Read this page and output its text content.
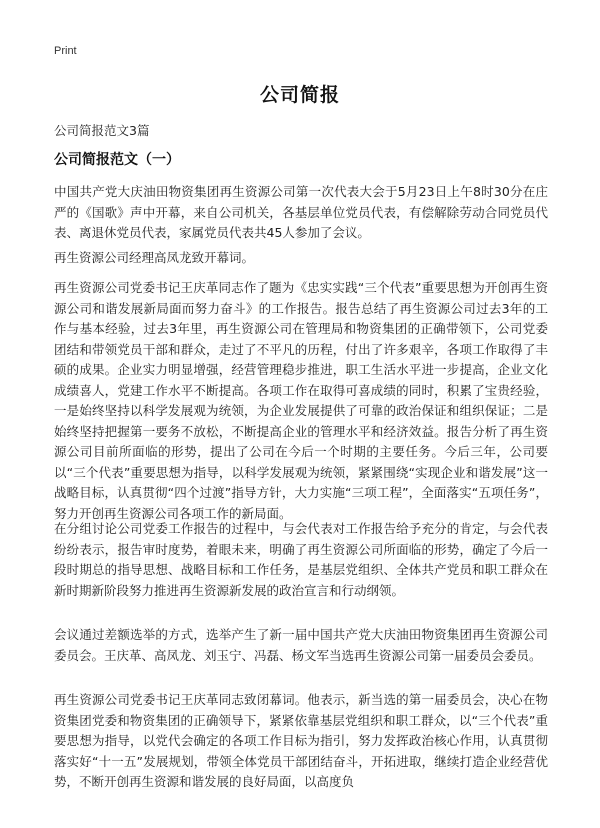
Print
公司简报
公司简报范文3篇
公司简报范文（一）

中国共产党大庆油田物资集团再生资源公司第一次代表大会于5月23日上午8时30分在庄严的《国歌》声中开幕，来自公司机关，各基层单位党员代表，有偿解除劳动合同党员代表、离退休党员代表，家属党员代表共45人参加了会议。

再生资源公司经理高凤龙致开幕词。

再生资源公司党委书记王庆革同志作了题为《忠实实践“三个代表”重要思想为开创再生资源公司和谐发展新局面而努力奋斗》的工作报告。报告总结了再生资源公司过去3年的工作与基本经验，过去3年里，再生资源公司在管理局和物资集团的正确带领下，公司党委团结和带领党员干部和群众，走过了不平凡的历程，付出了许多艰辛，各项工作取得了丰硕的成果。企业实力明显增强，经营管理稳步推进，职工生活水平进一步提高，企业文化成绩喜人，党建工作水平不断提高。各项工作在取得可喜成绩的同时，积累了宝贵经验，一是始终坚持以科学发展观为统领，为企业发展提供了可靠的政治保证和组织保证；二是始终坚持把握第一要务不放松，不断提高企业的管理水平和经济效益。报告分析了再生资源公司目前所面临的形势，提出了公司在今后一个时期的主要任务。今后三年，公司要以“三个代表”重要思想为指导，以科学发展观为统领，紧紧围绕“实现企业和谐发展”这一战略目标，认真贯彻“四个过渡”指导方针，大力实施“三项工程”，全面落实“五项任务”，努力开创再生资源公司各项工作的新局面。

在分组讨论公司党委工作报告的过程中，与会代表对工作报告给予充分的肯定，与会代表纷纷表示，报告审时度势，着眼未来，明确了再生资源公司所面临的形势，确定了今后一段时期总的指导思想、战略目标和工作任务，是基层党组织、全体共产党员和职工群众在新时期新阶段努力推进再生资源新发展的政治宣言和行动纲领。

会议通过差额选举的方式，选举产生了新一届中国共产党大庆油田物资集团再生资源公司委员会。王庆革、高凤龙、刘玉宁、冯磊、杨文军当选再生资源公司第一届委员会委员。

再生资源公司党委书记王庆革同志致闭幕词。他表示，新当选的第一届委员会，决心在物资集团党委和物资集团的正确领导下，紧紧依靠基层党组织和职工群众，以“三个代表”重要思想为指导，以党代会确定的各项工作目标为指引，努力发挥政治核心作用，认真贯彻落实好“十一五”发展规划，带领全体党员干部团结奋斗，开拓进取，继续打造企业经营优势，不断开创再生资源和谐发展的良好局面，以高度负
